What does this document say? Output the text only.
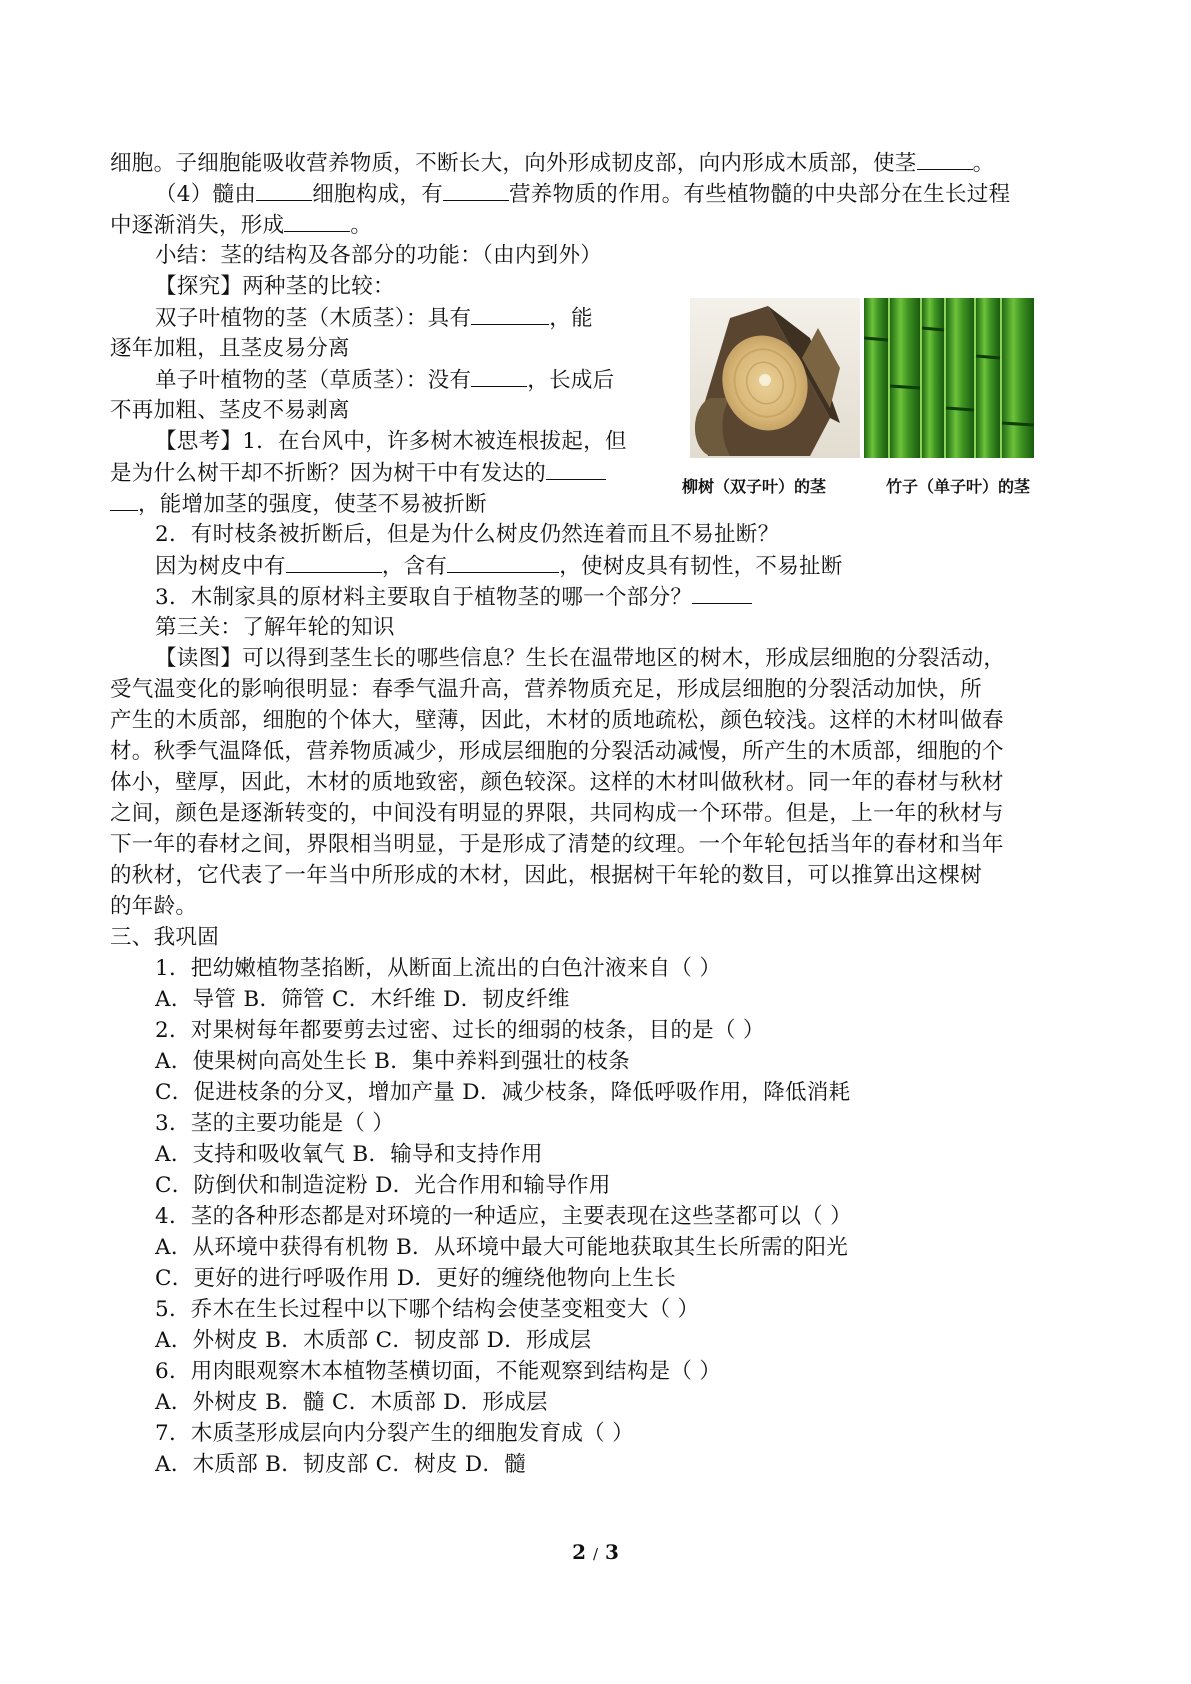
细胞。子细胞能吸收营养物质，不断长大，向外形成韧皮部，向内形成木质部，使茎	。
（4）髓由	细胞构成，有	营养物质的作用。有些植物髓的中央部分在生长过程
中逐渐消失，形成	。
小结：茎的结构及各部分的功能：（由内到外）
【探究】两种茎的比较：
双子叶植物的茎（木质茎）：具有	，能
逐年加粗，且茎皮易分离
单子叶植物的茎（草质茎）：没有	，长成后
不再加粗、茎皮不易剥离
【思考】1．在台风中，许多树木被连根拔起，但
是为什么树干却不折断？因为树干中有发达的
，能增加茎的强度，使茎不易被折断
2．有时枝条被折断后，但是为什么树皮仍然连着而且不易扯断？
因为树皮中有	，含有	，使树皮具有韧性，不易扯断
3．木制家具的原材料主要取自于植物茎的哪一个部分？
第三关：了解年轮的知识
【读图】可以得到茎生长的哪些信息？生长在温带地区的树木，形成层细胞的分裂活动，
受气温变化的影响很明显：春季气温升高，营养物质充足，形成层细胞的分裂活动加快，所
产生的木质部，细胞的个体大，壁薄，因此，木材的质地疏松，颜色较浅。这样的木材叫做春
材。秋季气温降低，营养物质减少，形成层细胞的分裂活动减慢，所产生的木质部，细胞的个
体小，壁厚，因此，木材的质地致密，颜色较深。这样的木材叫做秋材。同一年的春材与秋材
之间，颜色是逐渐转变的，中间没有明显的界限，共同构成一个环带。但是，上一年的秋材与
下一年的春材之间，界限相当明显，于是形成了清楚的纹理。一个年轮包括当年的春材和当年
的秋材，它代表了一年当中所形成的木材，因此，根据树干年轮的数目，可以推算出这棵树
的年龄。
三、我巩固
1．把幼嫩植物茎掐断，从断面上流出的白色汁液来自（ ）
A．导管 B．筛管 C．木纤维 D．韧皮纤维
2．对果树每年都要剪去过密、过长的细弱的枝条，目的是（ ）
A．使果树向高处生长 B．集中养料到强壮的枝条
C．促进枝条的分叉，增加产量 D．减少枝条，降低呼吸作用，降低消耗
3．茎的主要功能是（ ）
A．支持和吸收氧气 B．输导和支持作用
C．防倒伏和制造淀粉 D．光合作用和输导作用
4．茎的各种形态都是对环境的一种适应，主要表现在这些茎都可以（ ）
A．从环境中获得有机物 B．从环境中最大可能地获取其生长所需的阳光
C．更好的进行呼吸作用 D．更好的缠绕他物向上生长
5．乔木在生长过程中以下哪个结构会使茎变粗变大（ ）
A．外树皮 B．木质部 C．韧皮部 D．形成层
6．用肉眼观察木本植物茎横切面，不能观察到结构是（ ）
A．外树皮 B．髓 C．木质部 D．形成层
7．木质茎形成层向内分裂产生的细胞发育成（ ）
A．木质部 B．韧皮部 C．树皮 D．髓
柳树（双子叶）的茎	竹子（单子叶）的茎
2 / 3
